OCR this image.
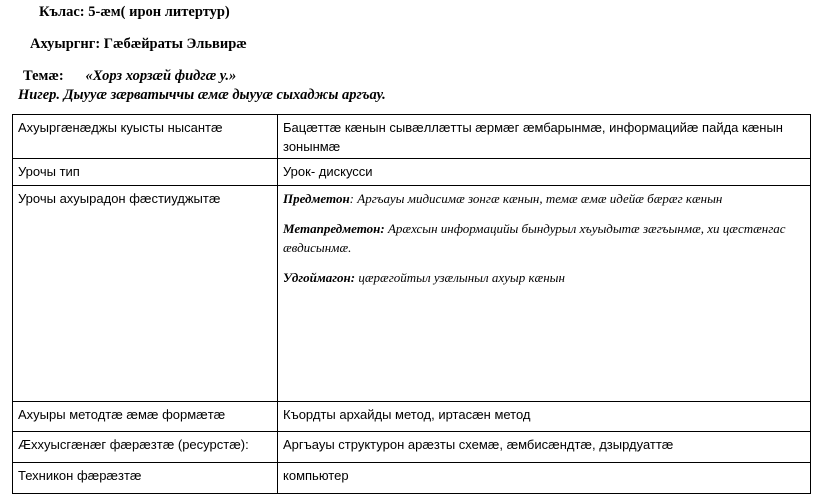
Кълас: 5-æм( ирон литер⁠тур⁠)
Ахуырг⁠н⁠г: Гæбæйраты Эльвирæ
Темæ: «Хорз хорзæй фидгæ у.»
Нигер. Дыууæ зæрватыччы æмæ дыууæ сыхаджы аргъау.
Ахуыргæнæджы куысты нысантæ	Бацæттæ кæнын сывæллæтты æрмæг æмбарынмæ, информацийæ пайда кæнын зонынмæ
Урочы тип	Урок- дискусси
Урочы ахуырадон фæстиуджытæ	Предметон: Аргъауы мидисимæ зонгæ кæнын, темæ æмæ идейæ бæрæг кæнын
Метапредметон: Арæхсын информацийы бындурыл хъуыдытæ зæгъынмæ, хи цæстæнгас æвдисынмæ.
Удгоймагон: цæрæгойтыл узæлыныл ахуыр кæнын

Ахуыры методтæ æмæ формæтæ	Къордты архайды метод, иртасæн метод
Æххуысгæнæг фæрæзтæ (ресурстæ):	Аргъауы структурон арæзты схемæ, æмбисæндтæ, дзырдуаттæ
Техникон фæрæзтæ	компьютер
